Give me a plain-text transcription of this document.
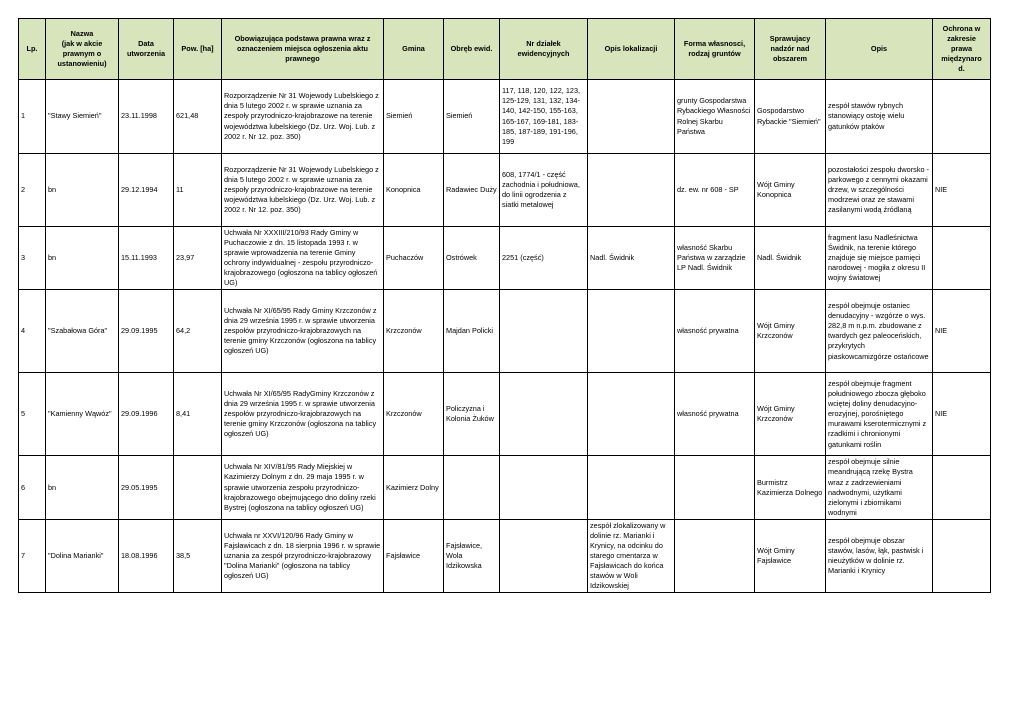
Lp.	Nazwa
(jak w akcie
prawnym o
ustanowieniu)	Data
utworzenia	Pow. [ha]	Obowiązująca podstawa prawna wraz z
oznaczeniem miejsca ogłoszenia aktu
prawnego	Gmina	Obręb ewid.	Nr działek
ewidencyjnych	Opis lokalizacji	Forma własnosci,
rodzaj gruntów	Sprawujacy
nadzór nad
obszarem	Opis	Ochrona w
zakresie
prawa
międzynaro
d.
1	"Stawy Siemień"	23.11.1998	621,48	Rozporządzenie Nr 31 Wojewody Lubelskiego z dnia 5 lutego 2002 r. w sprawie uznania za zespoły przyrodniczo-krajobrazowe na terenie województwa lubelskiego (Dz. Urz. Woj. Lub. z 2002 r. Nr 12. poz. 350)	Siemień	Siemień	117, 118, 120, 122, 123, 125-129, 131, 132, 134-140, 142-150, 155-163, 165-167, 169-181, 183-185, 187-189, 191-196, 199		grunty Gospodarstwa Rybackiego Własności Rolnej Skarbu Państwa	Gospodarstwo Rybackie "Siemień"	zespół stawów rybnych stanowiący ostoję wielu gatunków ptaków	
2	bn	29.12.1994	11	Rozporządzenie Nr 31 Wojewody Lubelskiego z dnia 5 lutego 2002 r. w sprawie uznania za zespoły przyrodniczo-krajobrazowe na terenie województwa lubelskiego (Dz. Urz. Woj. Lub. z 2002 r. Nr 12. poz. 350)	Konopnica	Radawiec Duży	608, 1774/1 - część zachodnia i południowa, do linii ogrodzenia z siatki metalowej		dz. ew. nr 608 - SP	Wójt Gminy Konopnica	pozostałości zespołu dworsko - parkowego z cennymi okazami drzew, w szczególności modrzewi oraz ze stawami zasilanymi wodą źródlaną	NIE
3	bn	15.11.1993	23,97	Uchwała Nr XXXIII/210/93 Rady Gminy w Puchaczowie z dn. 15 listopada 1993 r. w sprawie wprowadzenia na terenie Gminy ochrony indywidualnej - zespołu przyrodniczo-krajobrazowego (ogłoszona na tablicy ogłoszeń UG)	Puchaczów	Ostrówek	2251 (część)	Nadl. Świdnik	własność Skarbu Państwa w zarządzie LP Nadl. Świdnik	Nadl. Świdnik	fragment lasu Nadleśnictwa Świdnik, na terenie którego znajduje się miejsce pamięci narodowej - mogiła z okresu II wojny światowej	
4	"Szabałowa Góra"	29.09.1995	64,2	Uchwała Nr XI/65/95 Rady Gminy Krzczonów z dnia 29 września 1995 r. w sprawie utworzenia zespołów przyrodniczo-krajobrazowych na terenie gminy Krzczonów (ogłoszona na tablicy ogłoszeń UG)	Krzczonów	Majdan Policki			własność prywatna	Wójt Gminy Krzczonów	zespół obejmuje ostaniec denudacyjny - wzgórze o wys. 282,8 m n.p.m. zbudowane z twardych gez paleoceńskich, przykrytych piaskowcamizgórze ostańcowe	NIE
5	"Kamienny Wąwóz"	29.09.1996	8,41	Uchwała Nr XI/65/95 RadyGminy Krzczonów z dnia 29 września 1995 r. w sprawie utworzenia zespołów przyrodniczo-krajobrazowych na terenie gminy Krzczonów (ogłoszona na tablicy ogłoszeń UG)	Krzczonów	Policzyzna i Kolonia Żuków			własność prywatna	Wójt Gminy Krzczonów	zespół obejmuje fragment południowego zbocza głęboko wciętej doliny denudacyjno-erozyjnej, porośniętego murawami kserotermicznymi z rzadkimi i chronionymi gatunkami roślin	NIE
6	bn	29.05.1995		Uchwała Nr XIV/81/95 Rady Miejskiej w Kazimierzy Dolnym z dn. 29 maja 1995 r. w sprawie utworzenia zespołu przyrodniczo-krajobrazowego obejmującego dno doliny rzeki Bystrej (ogłoszona na tablicy ogłoszeń UG)	Kazimierz Dolny					Burmistrz Kazimierza Dolnego	zespół obejmuje silnie meandrującą rzekę Bystra wraz z zadrzewieniami nadwodnymi, użytkami zielonymi i zbiornikami wodnymi	
7	"Dolina Marianki"	18.08.1996	38,5	Uchwała nr XXVI/120/96 Rady Gminy w Fajsławicach z dn. 18 sierpnia 1996 r. w sprawie uznania za zespół przyrodniczo-krajobrazowy "Dolina Marianki" (ogłoszona na tablicy ogłoszeń UG)	Fajsławice	Fajsławice, Wola Idzikowska		zespół zlokalizowany w dolinie rz. Marianki i Krynicy, na odcinku do starego cmentarza w Fajsławicach do końca stawów w Woli Idzikowskiej		Wójt Gminy Fajsławice	zespół obejmuje obszar stawów, lasów, łąk, pastwisk i nieużytków w dolinie rz. Marianki i Krynicy	
